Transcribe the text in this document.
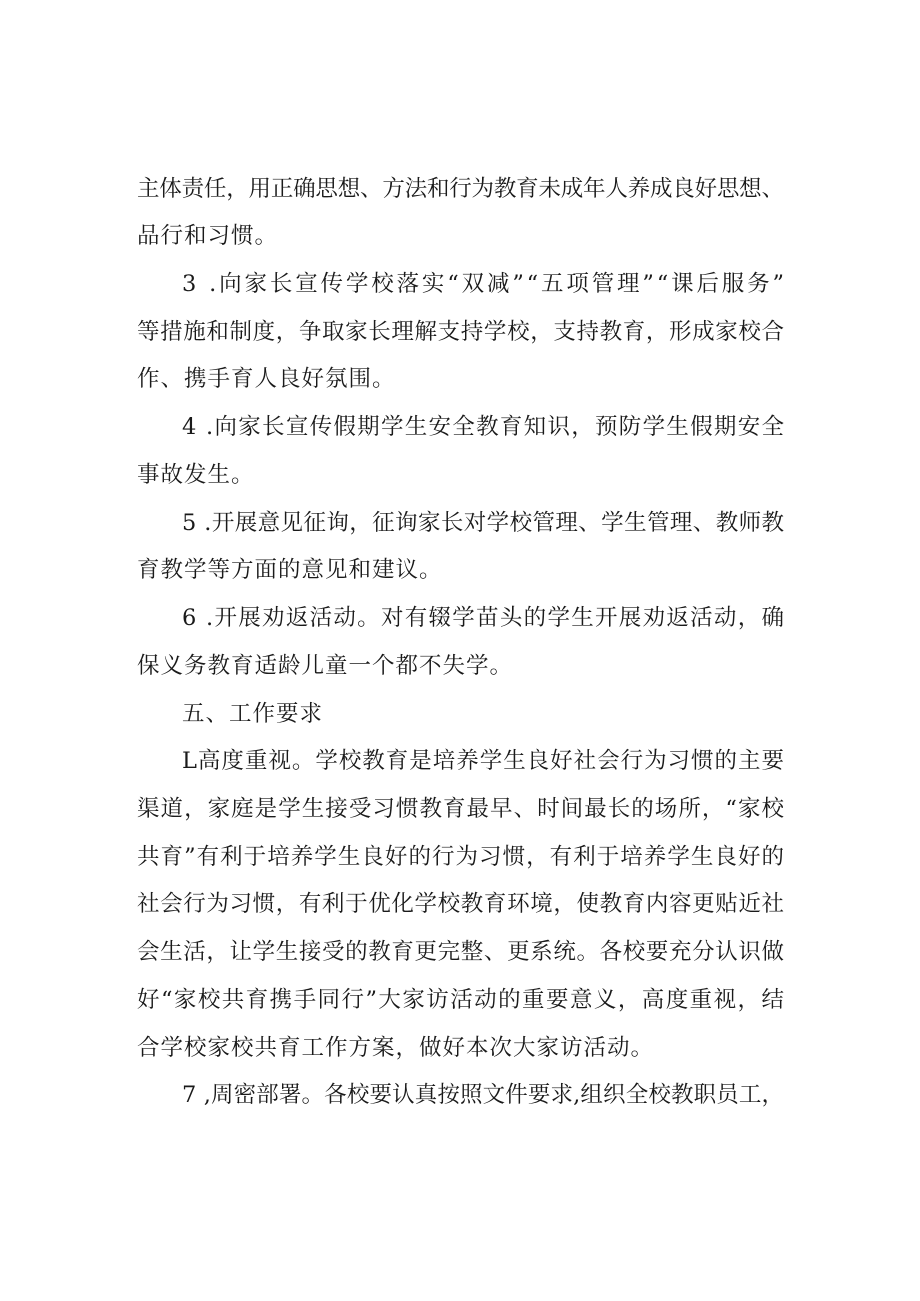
主体责任，用正确思想、方法和行为教育未成年人养成良好思想、
品行和习惯。
3 .向家长宣传学校落实“双减”“五项管理”“课后服务”
等措施和制度，争取家长理解支持学校，支持教育，形成家校合
作、携手育人良好氛围。
4 .向家长宣传假期学生安全教育知识，预防学生假期安全
事故发生。
5 .开展意见征询，征询家长对学校管理、学生管理、教师教
育教学等方面的意见和建议。
6 .开展劝返活动。对有辍学苗头的学生开展劝返活动，确
保义务教育适龄儿童一个都不失学。
五、工作要求
L高度重视。学校教育是培养学生良好社会行为习惯的主要
渠道，家庭是学生接受习惯教育最早、时间最长的场所，“家校
共育”有利于培养学生良好的行为习惯，有利于培养学生良好的
社会行为习惯，有利于优化学校教育环境，使教育内容更贴近社
会生活，让学生接受的教育更完整、更系统。各校要充分认识做
好“家校共育携手同行”大家访活动的重要意义，高度重视，结
合学校家校共育工作方案，做好本次大家访活动。
7 ,周密部署。各校要认真按照文件要求,组织全校教职员工，
